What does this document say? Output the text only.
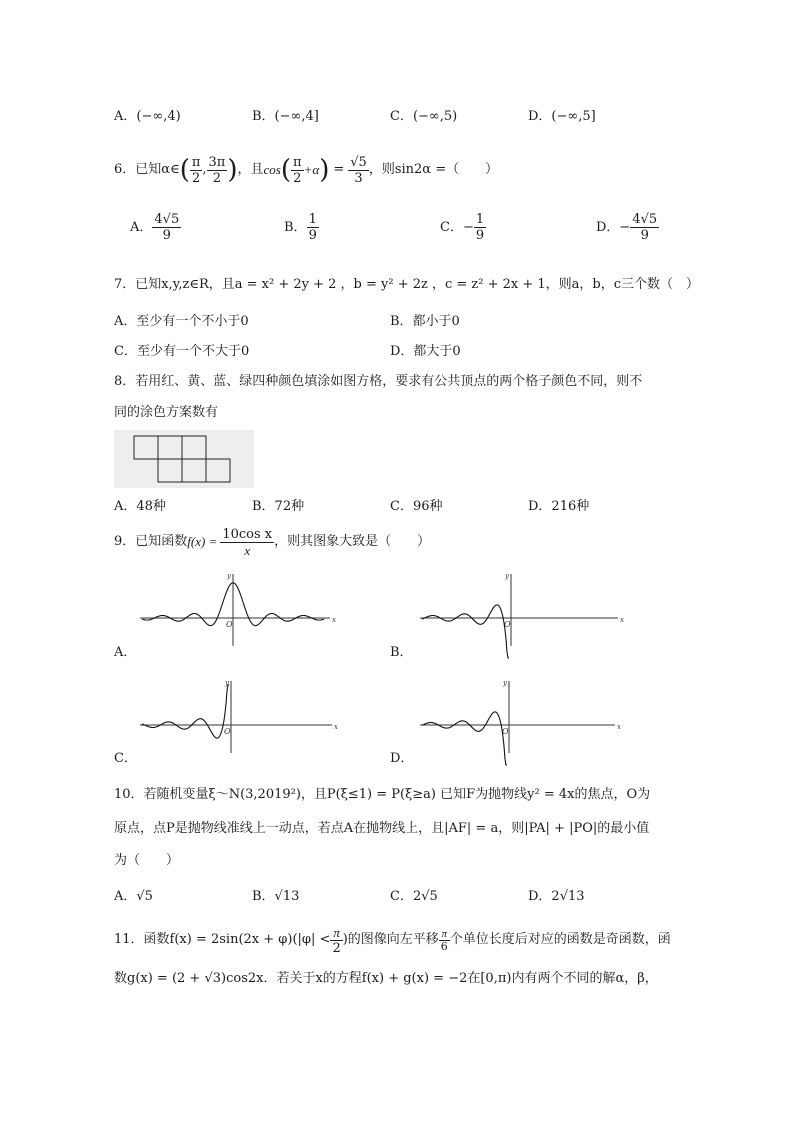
A．(−∞,4)	B．(−∞,4]	C．(−∞,5)	D．(−∞,5]
6．已知α∈ ( $\frac{\pi}{2}$ , $\frac{3\pi}{2}$ ) ，且 cos ( $\frac{\pi}{2} +\alpha$ ) = $\frac{√5}{3}$ ，则sin2α =（　　）
A． $\frac{4√5}{9}$	B． $\frac{1}{9}$	C．− $\frac{1}{9}$	D．− $\frac{4√5}{9}$
7．已知x,y,z∈R，且a = x² + 2y + 2 ，b = y² + 2z ，c = z² + 2x + 1，则a，b，c三个数（　）
A．至少有一个不小于0	B．都小于0
C．至少有一个不大于0	D．都大于0
8．若用红、黄、蓝、绿四种颜色填涂如图方格，要求有公共顶点的两个格子颜色不同，则不
同的涂色方案数有
A．48种	B．72种	C．96种	D．216种
9．已知函数 $f(x) = \frac{\text{10cos x}}{x}$ ，则其图象大致是（　　）
x
y
O	x
y
O
x
y
O	x
y
O
A．	B．
C．	D．
10．若随机变量ξ～N(3,2019²)，且P(ξ≤1) = P(ξ≥a) 已知F为抛物线y² = 4x的焦点，O为
原点，点P是抛物线准线上一动点，若点A在抛物线上，且|AF| = a，则|PA| + |PO|的最小值
为（　　）
A．√5	B．√13	C．2√5	D．2√13
11．函数$f(x) = 2\sin(2x + \varphi)(|\varphi| < \frac{\pi}{2}$ )的图像向左平移 $\frac{\pi}{6}$ 个单位长度后对应的函数是奇函数，函
数g(x) = (2 + √3)cos2x．若关于x的方程f(x) + g(x) = −2在[0,π)内有两个不同的解α，β，
